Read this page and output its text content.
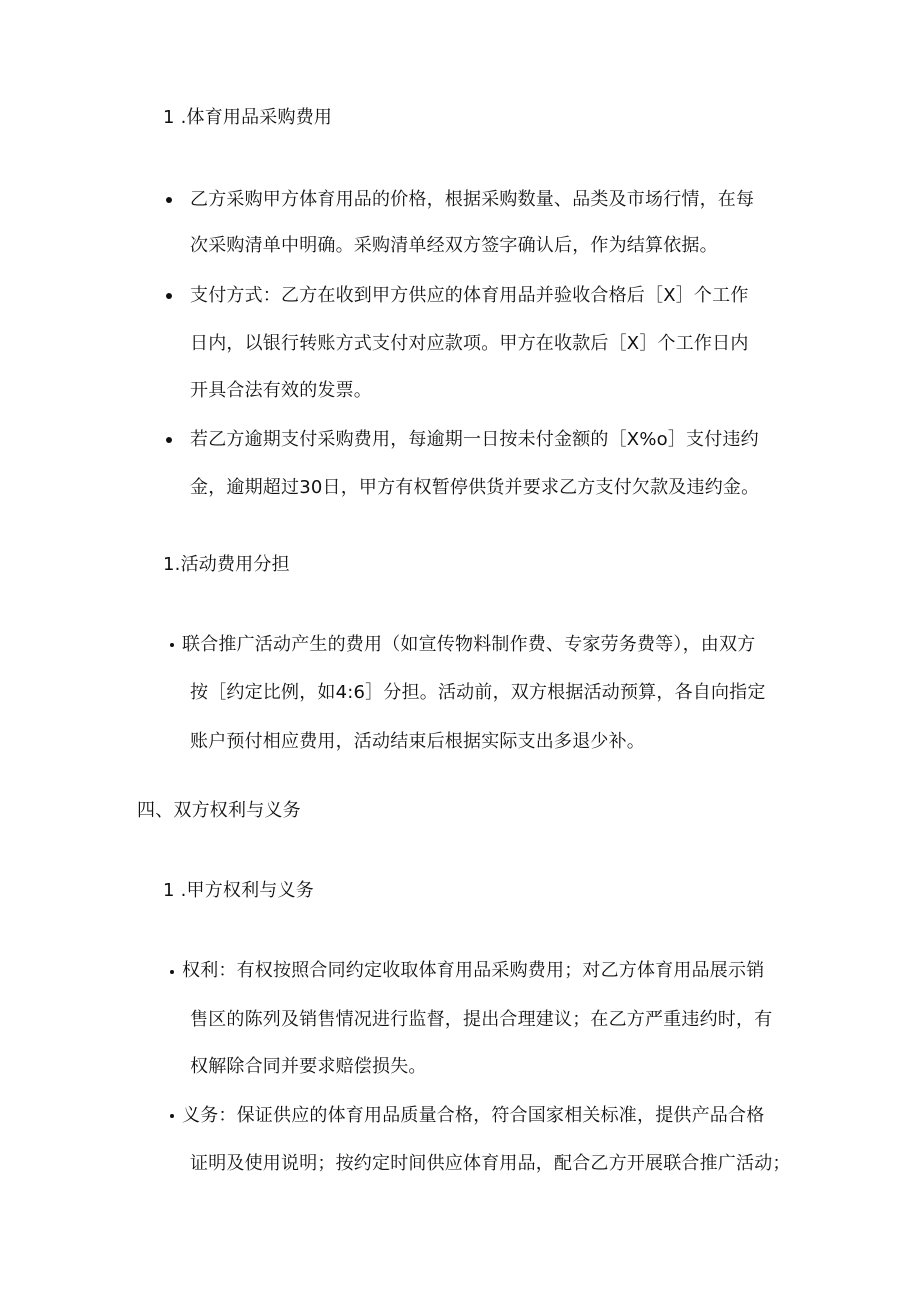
1 .体育用品采购费用
乙方采购甲方体育用品的价格，根据采购数量、品类及市场行情，在每
次采购清单中明确。采购清单经双方签字确认后，作为结算依据。
支付方式：乙方在收到甲方供应的体育用品并验收合格后［X］个工作
日内，以银行转账方式支付对应款项。甲方在收款后［X］个工作日内
开具合法有效的发票。
若乙方逾期支付采购费用，每逾期一日按未付金额的［X%o］支付违约
金，逾期超过30日，甲方有权暂停供货并要求乙方支付欠款及违约金。
1.活动费用分担
联合推广活动产生的费用（如宣传物料制作费、专家劳务费等），由双方
按［约定比例，如4:6］分担。活动前，双方根据活动预算，各自向指定
账户预付相应费用，活动结束后根据实际支出多退少补。
四、双方权利与义务
1 .甲方权利与义务
权利：有权按照合同约定收取体育用品采购费用；对乙方体育用品展示销
售区的陈列及销售情况进行监督，提出合理建议；在乙方严重违约时，有
权解除合同并要求赔偿损失。
义务：保证供应的体育用品质量合格，符合国家相关标准，提供产品合格
证明及使用说明；按约定时间供应体育用品，配合乙方开展联合推广活动；
